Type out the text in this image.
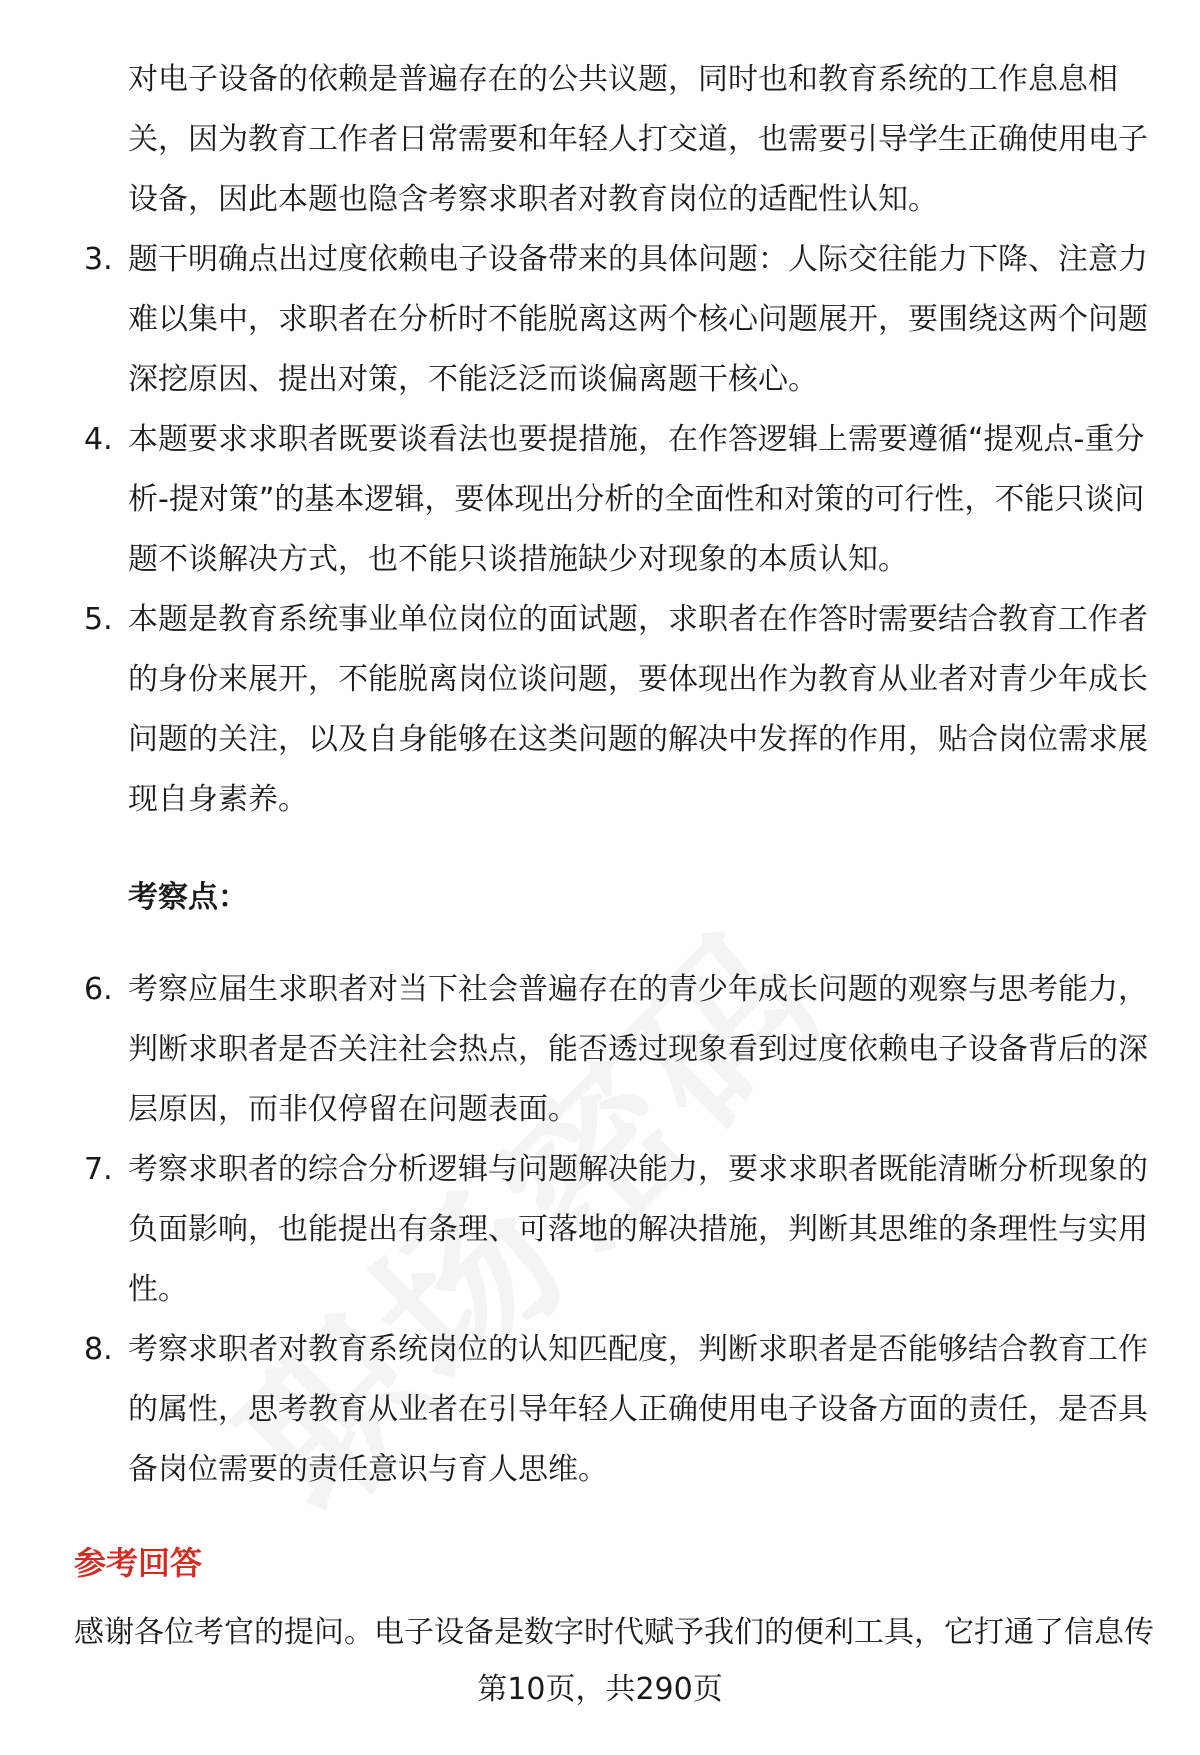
对电子设备的依赖是普遍存在的公共议题，同时也和教育系统的工作息息相关，因为教育工作者日常需要和年轻人打交道，也需要引导学生正确使用电子设备，因此本题也隐含考察求职者对教育岗位的适配性认知。

3. 题干明确点出过度依赖电子设备带来的具体问题：人际交往能力下降、注意力难以集中，求职者在分析时不能脱离这两个核心问题展开，要围绕这两个问题深挖原因、提出对策，不能泛泛而谈偏离题干核心。
4. 本题要求求职者既要谈看法也要提措施，在作答逻辑上需要遵循“提观点-重分析-提对策”的基本逻辑，要体现出分析的全面性和对策的可行性，不能只谈问题不谈解决方式，也不能只谈措施缺少对现象的本质认知。
5. 本题是教育系统事业单位岗位的面试题，求职者在作答时需要结合教育工作者的身份来展开，不能脱离岗位谈问题，要体现出作为教育从业者对青少年成长问题的关注，以及自身能够在这类问题的解决中发挥的作用，贴合岗位需求展现自身素养。

考察点：

6. 考察应届生求职者对当下社会普遍存在的青少年成长问题的观察与思考能力，判断求职者是否关注社会热点，能否透过现象看到过度依赖电子设备背后的深层原因，而非仅停留在问题表面。
7. 考察求职者的综合分析逻辑与问题解决能力，要求求职者既能清晰分析现象的负面影响，也能提出有条理、可落地的解决措施，判断其思维的条理性与实用性。
8. 考察求职者对教育系统岗位的认知匹配度，判断求职者是否能够结合教育工作的属性，思考教育从业者在引导年轻人正确使用电子设备方面的责任，是否具备岗位需要的责任意识与育人思维。

参考回答

感谢各位考官的提问。电子设备是数字时代赋予我们的便利工具，它打通了信息传

第10页，共290页
